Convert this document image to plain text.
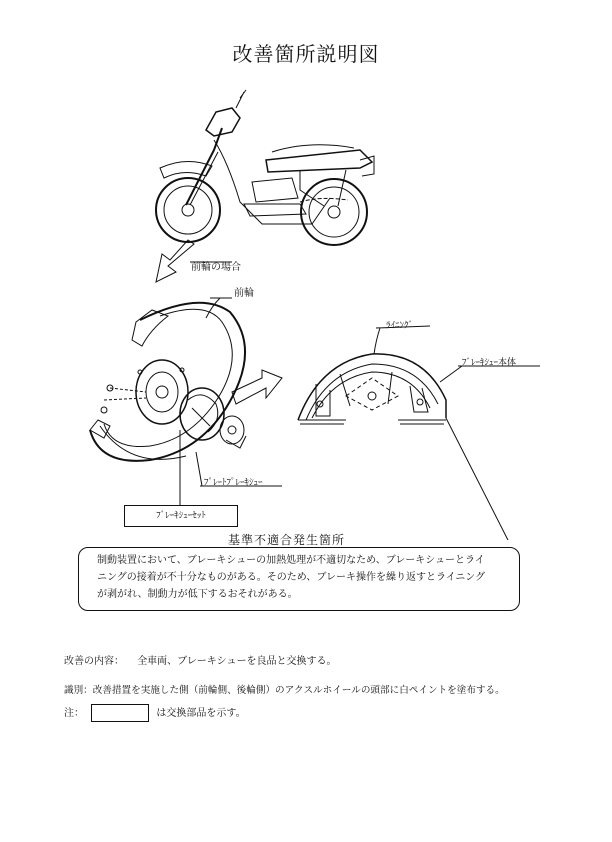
改善箇所説明図
前輪の場合
前輪
ﾗｲﾆﾝｸﾞ
ﾌﾞﾚｰｷｼｭｰ本体
ﾌﾟﾚｰﾄﾌﾟﾚｰｷｼｭｰ
ﾌﾞﾚｰｷｼｭｰｾｯﾄ
基準不適合発生箇所

制動装置において、ブレーキシューの加熱処理が不適切なため、ブレーキシューとライ

ニングの接着が不十分なものがある。そのため、ブレーキ操作を繰り返すとライニング

が剥がれ、制動力が低下するおそれがある。

改善の内容： 全車両、ブレーキシューを良品と交換する。
識別：改善措置を実施した側（前輪側、後輪側）のアクスルホイールの頭部に白ペイントを塗布する。
注：	は交換部品を示す。
